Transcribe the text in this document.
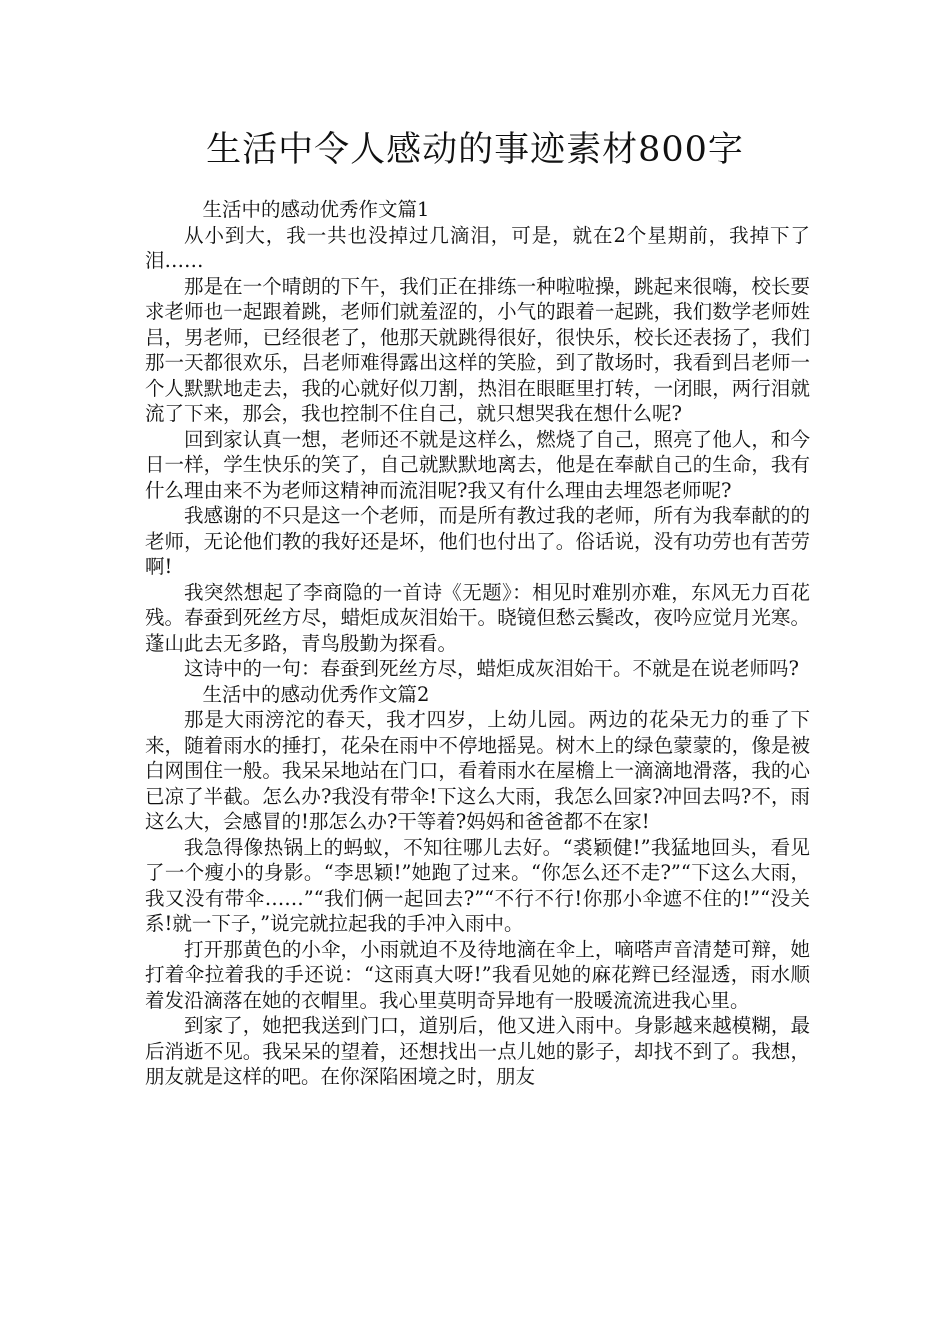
生活中令人感动的事迹素材800字

生活中的感动优秀作文篇1

从小到大，我一共也没掉过几滴泪，可是，就在2个星期前，我掉下了泪……

那是在一个晴朗的下午，我们正在排练一种啦啦操，跳起来很嗨，校长要求老师也一起跟着跳，老师们就羞涩的，小气的跟着一起跳，我们数学老师姓吕，男老师，已经很老了，他那天就跳得很好，很快乐，校长还表扬了，我们那一天都很欢乐，吕老师难得露出这样的笑脸，到了散场时，我看到吕老师一个人默默地走去，我的心就好似刀割，热泪在眼眶里打转，一闭眼，两行泪就流了下来，那会，我也控制不住自己，就只想哭我在想什么呢?

回到家认真一想，老师还不就是这样么，燃烧了自己，照亮了他人，和今日一样，学生快乐的笑了，自己就默默地离去，他是在奉献自己的生命，我有什么理由来不为老师这精神而流泪呢?我又有什么理由去埋怨老师呢?

我感谢的不只是这一个老师，而是所有教过我的老师，所有为我奉献的的老师，无论他们教的我好还是坏，他们也付出了。俗话说，没有功劳也有苦劳啊!

我突然想起了李商隐的一首诗《无题》：相见时难别亦难，东风无力百花残。春蚕到死丝方尽，蜡炬成灰泪始干。晓镜但愁云鬓改，夜吟应觉月光寒。蓬山此去无多路，青鸟殷勤为探看。

这诗中的一句：春蚕到死丝方尽，蜡炬成灰泪始干。不就是在说老师吗?

生活中的感动优秀作文篇2

那是大雨滂沱的春天，我才四岁，上幼儿园。两边的花朵无力的垂了下来，随着雨水的捶打，花朵在雨中不停地摇晃。树木上的绿色蒙蒙的，像是被白网围住一般。我呆呆地站在门口，看着雨水在屋檐上一滴滴地滑落，我的心已凉了半截。怎么办?我没有带伞!下这么大雨，我怎么回家?冲回去吗?不，雨这么大，会感冒的!那怎么办?干等着?妈妈和爸爸都不在家!

我急得像热锅上的蚂蚁，不知往哪儿去好。“裘颖健!”我猛地回头，看见了一个瘦小的身影。“李思颖!”她跑了过来。“你怎么还不走?”“下这么大雨，我又没有带伞……”“我们俩一起回去?”“不行不行!你那小伞遮不住的!”“没关系!就一下子，”说完就拉起我的手冲入雨中。

打开那黄色的小伞，小雨就迫不及待地滴在伞上，嘀嗒声音清楚可辩，她打着伞拉着我的手还说：“这雨真大呀!”我看见她的麻花辫已经湿透，雨水顺着发沿滴落在她的衣帽里。我心里莫明奇异地有一股暖流流进我心里。

到家了，她把我送到门口，道别后，他又进入雨中。身影越来越模糊，最后消逝不见。我呆呆的望着，还想找出一点儿她的影子，却找不到了。我想，朋友就是这样的吧。在你深陷困境之时，朋友
